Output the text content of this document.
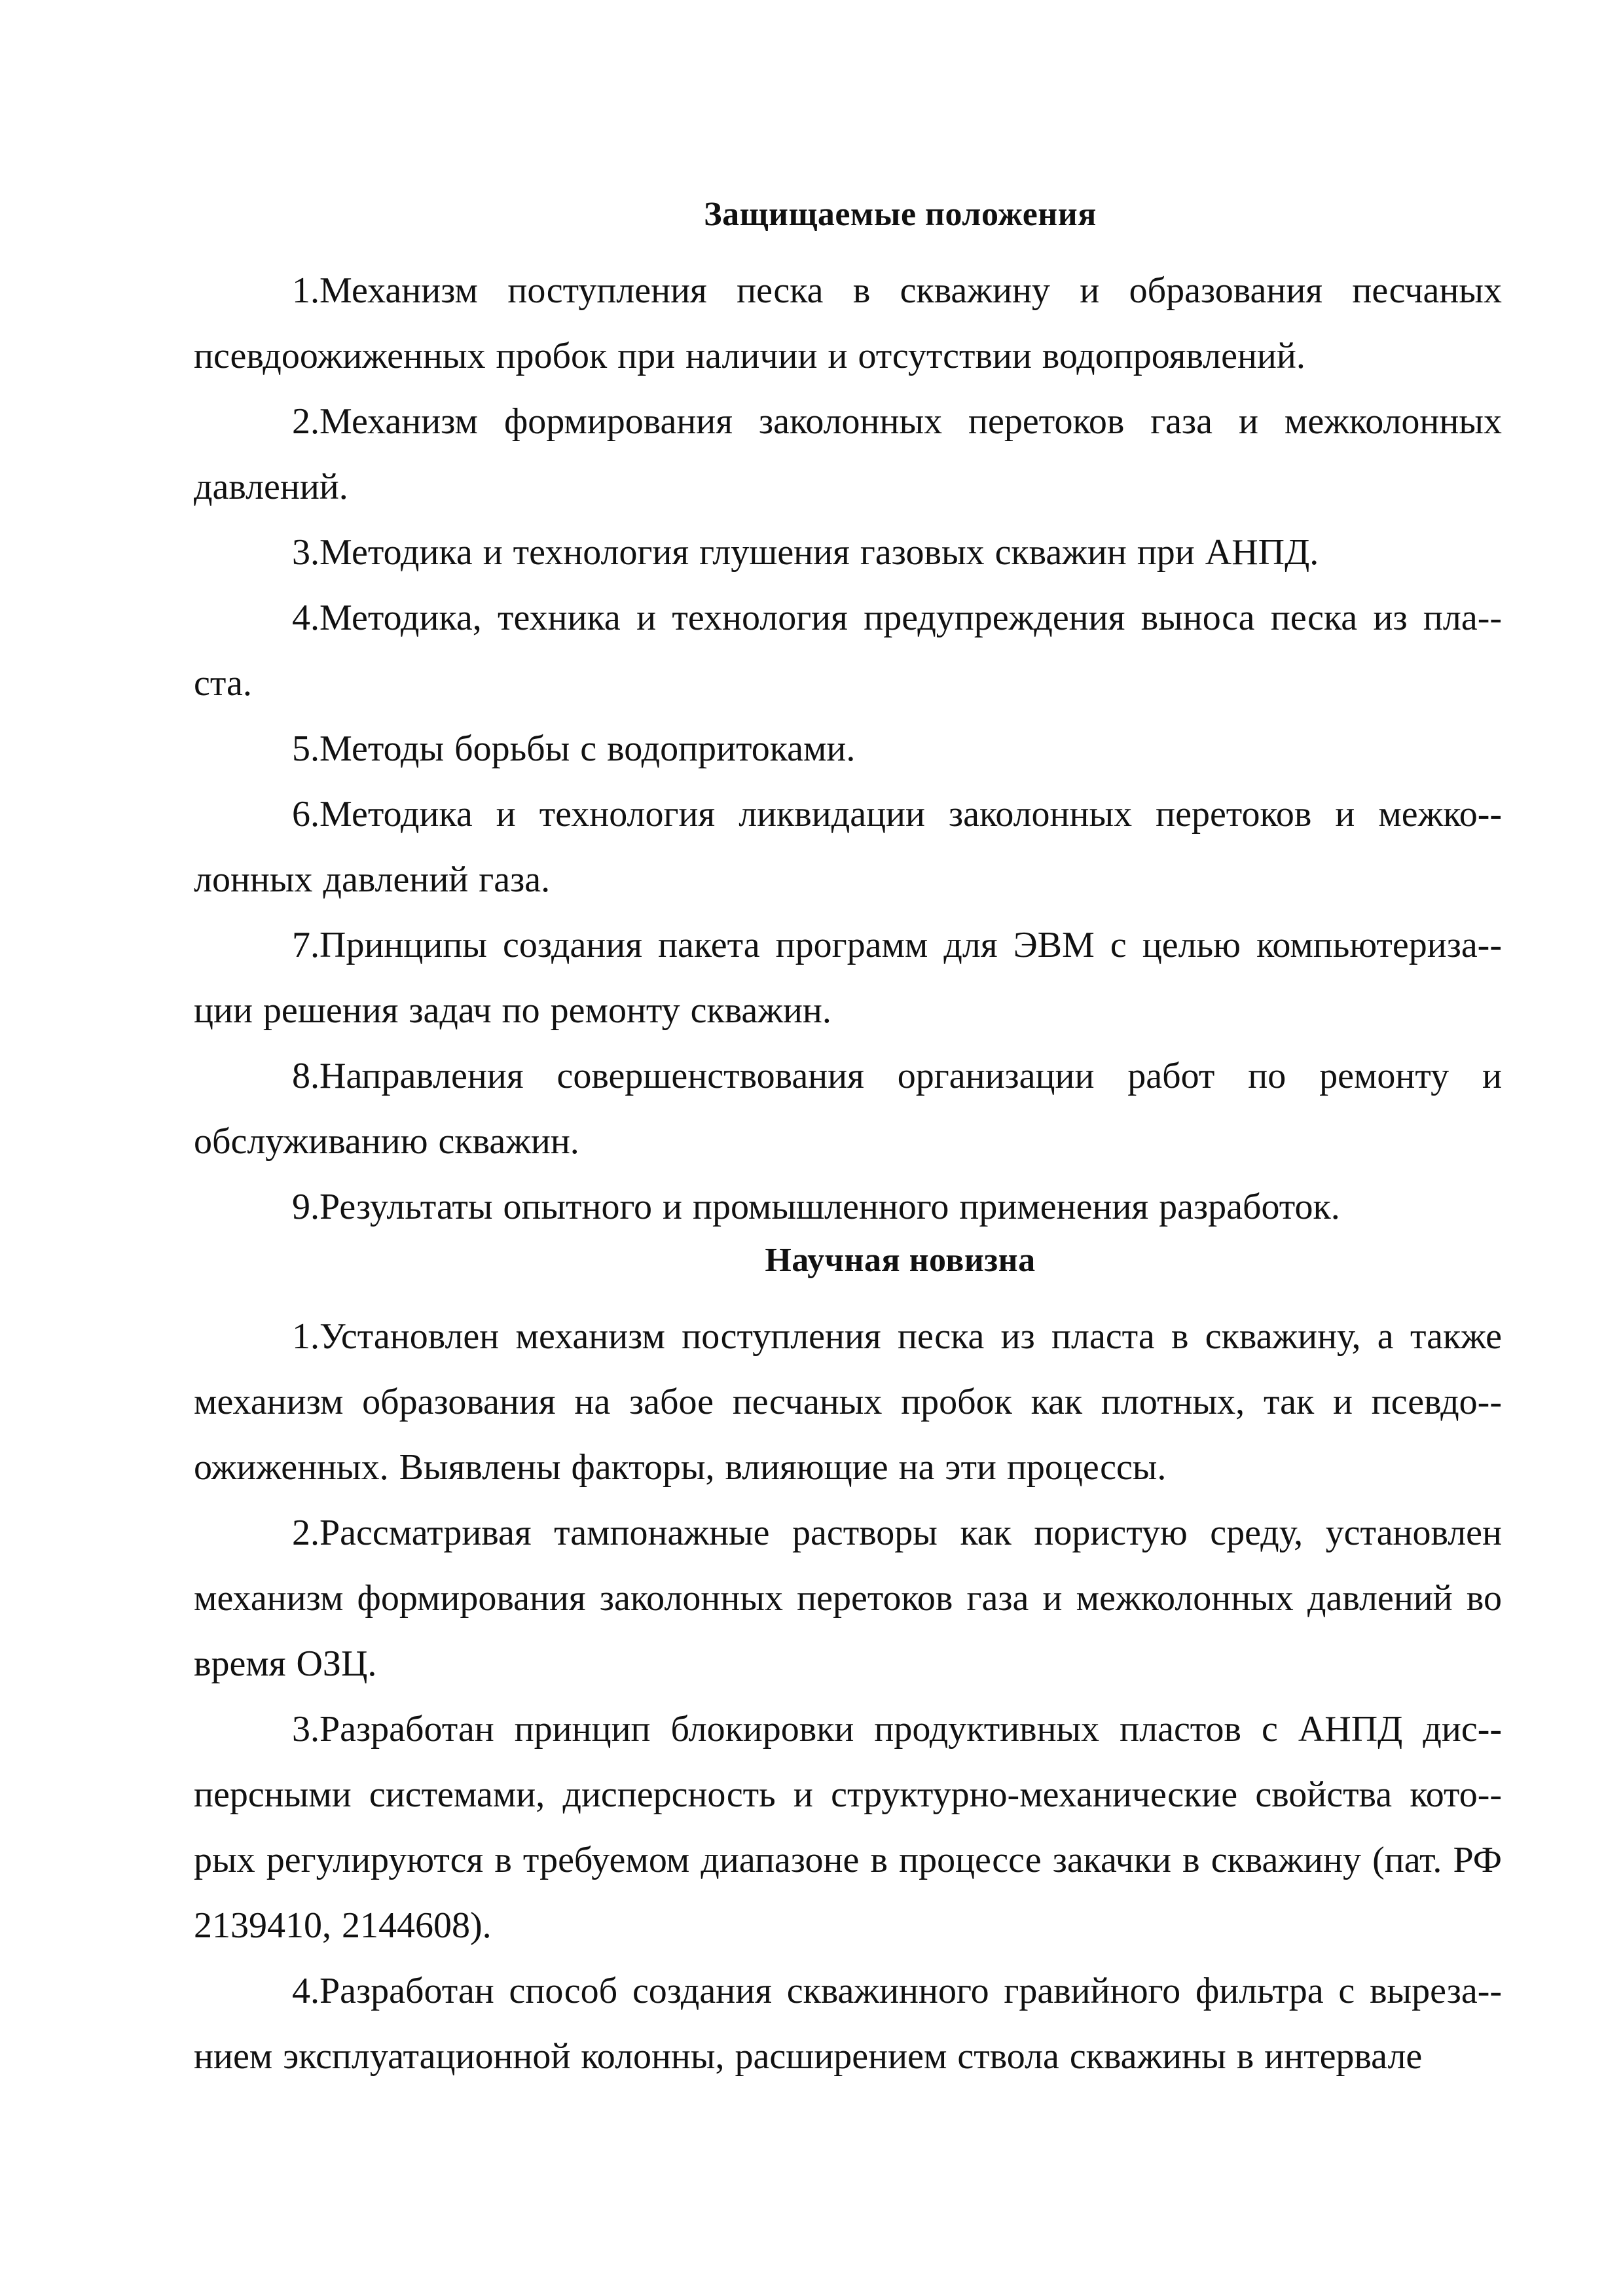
Защищаемые положения

1.Механизм поступления песка в скважину и образования песчаных псевдоожиженных пробок при наличии и отсутствии водопроявлений.

2.Механизм формирования заколонных перетоков газа и межколонных давлений.

3.Методика и технология глушения газовых скважин при АНПД.

4.Методика, техника и технология предупреждения выноса песка из пла-ста.

5.Методы борьбы с водопритоками.

6.Методика и технология ликвидации заколонных перетоков и межко-лонных давлений газа.

7.Принципы создания пакета программ для ЭВМ с целью компьютериза-ции решения задач по ремонту скважин.

8.Направления совершенствования организации работ по ремонту и обслуживанию скважин.

9.Результаты опытного и промышленного применения разработок.

Научная новизна

1.Установлен механизм поступления песка из пласта в скважину, а также механизм образования на забое песчаных пробок как плотных, так и псевдо-ожиженных. Выявлены факторы, влияющие на эти процессы.

2.Рассматривая тампонажные растворы как пористую среду, установлен механизм формирования заколонных перетоков газа и межколонных давлений во время ОЗЦ.

3.Разработан принцип блокировки продуктивных пластов с АНПД дис-персными системами, дисперсность и структурно-механические свойства кото-рых регулируются в требуемом диапазоне в процессе закачки в скважину (пат. РФ 2139410, 2144608).

4.Разработан способ создания скважинного гравийного фильтра с выреза-нием эксплуатационной колонны, расширением ствола скважины в интервале
